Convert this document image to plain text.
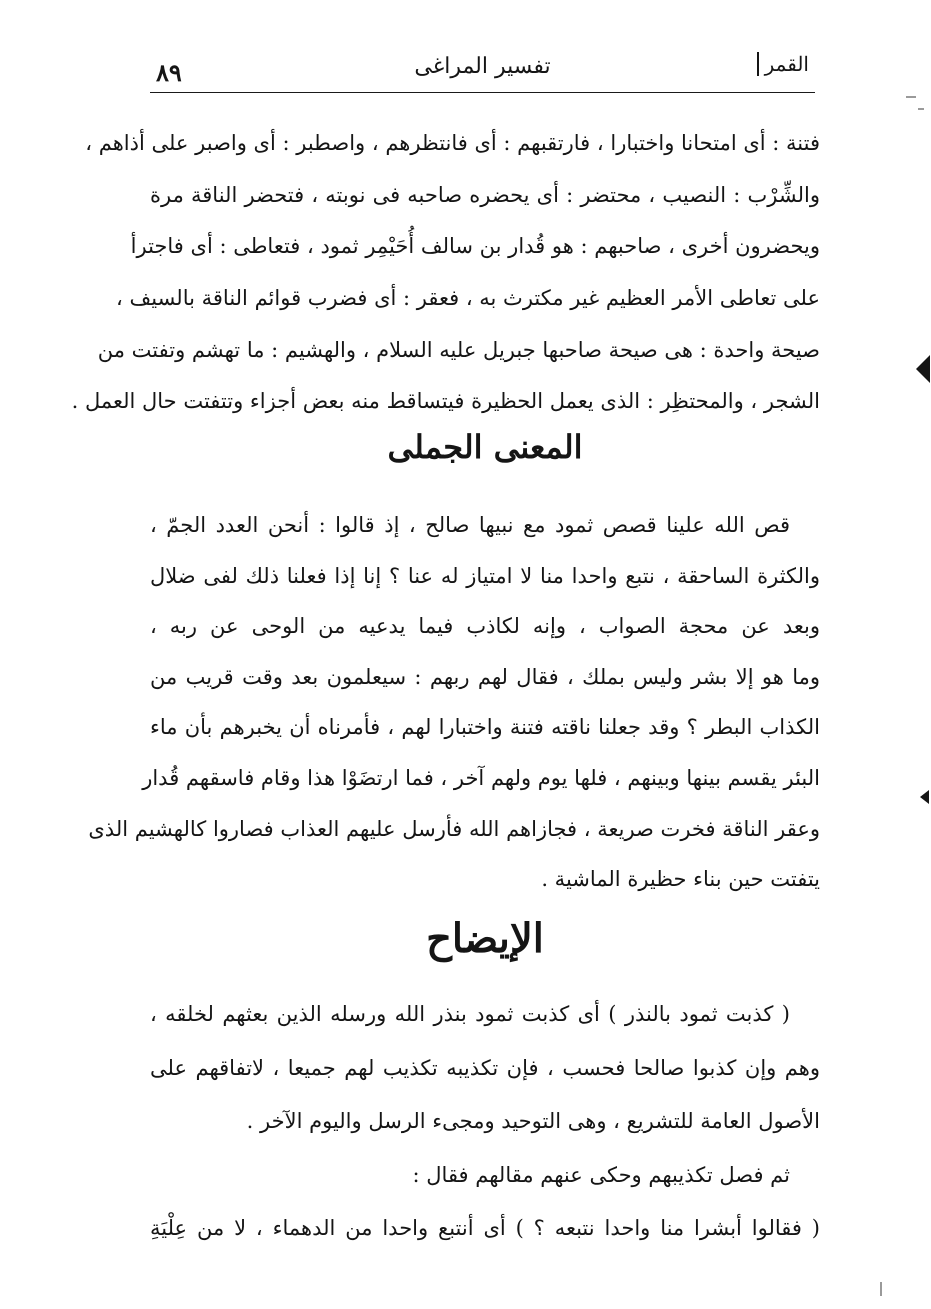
٨٩	تفسير المراغى	القمر
فتنة : أى امتحانا واختبارا ، فارتقبهم : أى فانتظرهم ، واصطبر : أى واصبر على أذاهم ،
والشِّرْب : النصيب ، محتضر : أى يحضره صاحبه فى نوبته ، فتحضر الناقة مرة
ويحضرون أخرى ، صاحبهم : هو قُدار بن سالف أُحَيْمِر ثمود ، فتعاطى : أى فاجترأ
على تعاطى الأمر العظيم غير مكترث به ، فعقر : أى فضرب قوائم الناقة بالسيف ،
صيحة واحدة : هى صيحة صاحبها جبريل عليه السلام ، والهشيم : ما تهشم وتفتت من
الشجر ، والمحتظِر : الذى يعمل الحظيرة فيتساقط منه بعض أجزاء وتتفتت حال العمل .
المعنى الجملى
قص الله علينا قصص ثمود مع نبيها صالح ، إذ قالوا : أنحن العدد الجمّ ،
والكثرة الساحقة ، نتبع واحدا منا لا امتياز له عنا ؟ إنا إذا فعلنا ذلك لفى ضلال
وبعد عن محجة الصواب ، وإنه لكاذب فيما يدعيه من الوحى عن ربه ،
وما هو إلا بشر وليس بملك ، فقال لهم ربهم : سيعلمون بعد وقت قريب من
الكذاب البطر ؟ وقد جعلنا ناقته فتنة واختبارا لهم ، فأمرناه أن يخبرهم بأن ماء
البئر يقسم بينها وبينهم ، فلها يوم ولهم آخر ، فما ارتضَوْا هذا وقام فاسقهم قُدار
وعقر الناقة فخرت صريعة ، فجازاهم الله فأرسل عليهم العذاب فصاروا كالهشيم الذى
يتفتت حين بناء حظيرة الماشية .
الإيضاح
( كذبت ثمود بالنذر ) أى كذبت ثمود بنذر الله ورسله الذين بعثهم لخلقه ،
وهم وإن كذبوا صالحا فحسب ، فإن تكذيبه تكذيب لهم جميعا ، لاتفاقهم على
الأصول العامة للتشريع ، وهى التوحيد ومجىء الرسل واليوم الآخر .
ثم فصل تكذيبهم وحكى عنهم مقالهم فقال :
( فقالوا أبشرا منا واحدا نتبعه ؟ ) أى أنتبع واحدا من الدهماء ، لا من عِلْيَةِ
